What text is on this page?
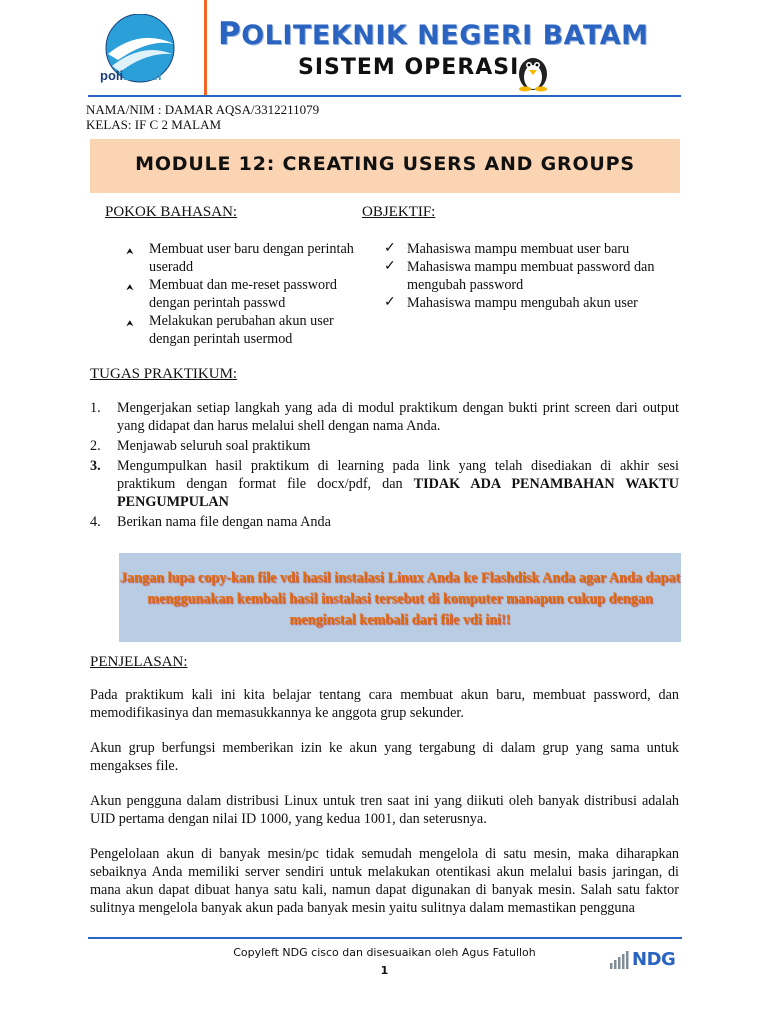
polibatam
POLITEKNIK NEGERI BATAM
SISTEM OPERASI
NAMA/NIM : DAMAR AQSA/3312211079
KELAS: IF C 2 MALAM
MODULE 12: CREATING USERS AND GROUPS
POKOK BAHASAN:
⮝ Membuat user baru dengan perintah useradd
⮝ Membuat dan me-reset password dengan perintah passwd
⮝ Melakukan perubahan akun user dengan perintah usermod
OBJEKTIF:
✓ Mahasiswa mampu membuat user baru
✓ Mahasiswa mampu membuat password dan mengubah password
✓ Mahasiswa mampu mengubah akun user
TUGAS PRAKTIKUM:
1. Mengerjakan setiap langkah yang ada di modul praktikum dengan bukti print screen dari output yang didapat dan harus melalui shell dengan nama Anda.
2. Menjawab seluruh soal praktikum
3. Mengumpulkan hasil praktikum di learning pada link yang telah disediakan di akhir sesi praktikum dengan format file docx/pdf, dan TIDAK ADA PENAMBAHAN WAKTU PENGUMPULAN
4. Berikan nama file dengan nama Anda
Jangan lupa copy-kan file vdi hasil instalasi Linux Anda ke Flashdisk Anda agar Anda dapat menggunakan kembali hasil instalasi tersebut di komputer manapun cukup dengan menginstal kembali dari file vdi ini!!
PENJELASAN:

Pada praktikum kali ini kita belajar tentang cara membuat akun baru, membuat password, dan memodifikasinya dan memasukkannya ke anggota grup sekunder.

Akun grup berfungsi memberikan izin ke akun yang tergabung di dalam grup yang sama untuk mengakses file.

Akun pengguna dalam distribusi Linux untuk tren saat ini yang diikuti oleh banyak distribusi adalah UID pertama dengan nilai ID 1000, yang kedua 1001, dan seterusnya.

Pengelolaan akun di banyak mesin/pc tidak semudah mengelola di satu mesin, maka diharapkan sebaiknya Anda memiliki server sendiri untuk melakukan otentikasi akun melalui basis jaringan, di mana akun dapat dibuat hanya satu kali, namun dapat digunakan di banyak mesin. Salah satu faktor sulitnya mengelola banyak akun pada banyak mesin yaitu sulitnya dalam memastikan pengguna

Copyleft NDG cisco dan disesuaikan oleh Agus Fatulloh
1
NDG
